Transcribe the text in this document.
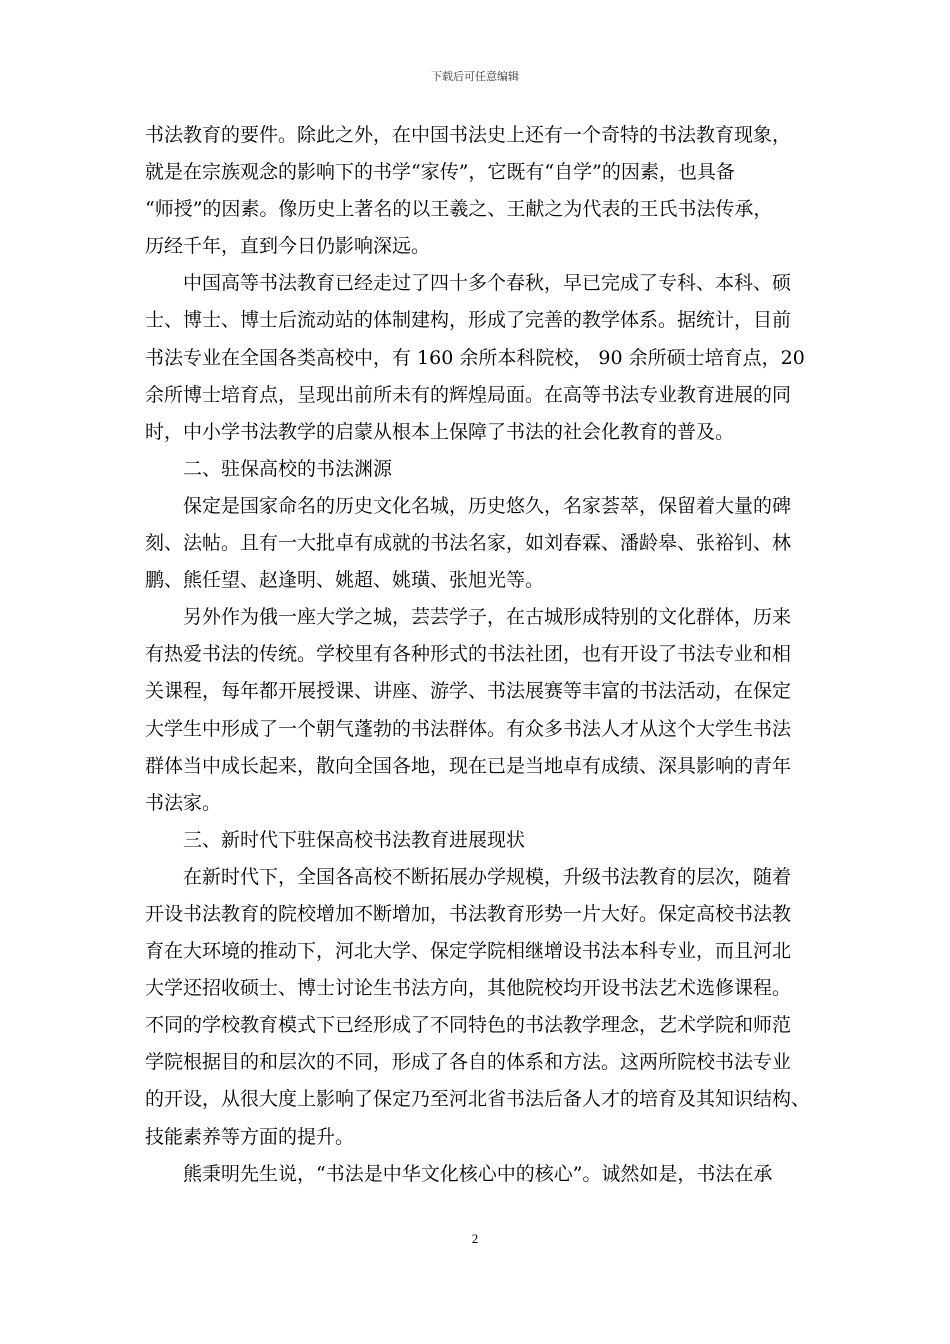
下载后可任意编辑
书法教育的要件。除此之外，在中国书法史上还有一个奇特的书法教育现象，
就是在宗族观念的影响下的书学“家传”，它既有“自学”的因素，也具备
“师授”的因素。像历史上著名的以王羲之、王献之为代表的王氏书法传承，
历经千年，直到今日仍影响深远。
中国高等书法教育已经走过了四十多个春秋，早已完成了专科、本科、硕
士、博士、博士后流动站的体制建构，形成了完善的教学体系。据统计，目前
书法专业在全国各类高校中，有 160 余所本科院校， 90 余所硕士培育点，20
余所博士培育点，呈现出前所未有的辉煌局面。在高等书法专业教育进展的同
时，中小学书法教学的启蒙从根本上保障了书法的社会化教育的普及。
二、驻保高校的书法渊源
保定是国家命名的历史文化名城，历史悠久，名家荟萃，保留着大量的碑
刻、法帖。且有一大批卓有成就的书法名家，如刘春霖、潘龄皋、张裕钊、林
鹏、熊任望、赵逢明、姚超、姚璜、张旭光等。
另外作为俄一座大学之城，芸芸学子，在古城形成特别的文化群体，历来
有热爱书法的传统。学校里有各种形式的书法社团，也有开设了书法专业和相
关课程，每年都开展授课、讲座、游学、书法展赛等丰富的书法活动，在保定
大学生中形成了一个朝气蓬勃的书法群体。有众多书法人才从这个大学生书法
群体当中成长起来，散向全国各地，现在已是当地卓有成绩、深具影响的青年
书法家。
三、新时代下驻保高校书法教育进展现状
在新时代下，全国各高校不断拓展办学规模，升级书法教育的层次，随着
开设书法教育的院校增加不断增加，书法教育形势一片大好。保定高校书法教
育在大环境的推动下，河北大学、保定学院相继增设书法本科专业，而且河北
大学还招收硕士、博士讨论生书法方向，其他院校均开设书法艺术选修课程。
不同的学校教育模式下已经形成了不同特色的书法教学理念，艺术学院和师范
学院根据目的和层次的不同，形成了各自的体系和方法。这两所院校书法专业
的开设，从很大度上影响了保定乃至河北省书法后备人才的培育及其知识结构、
技能素养等方面的提升。
熊秉明先生说，“书法是中华文化核心中的核心”。诚然如是，书法在承
2
